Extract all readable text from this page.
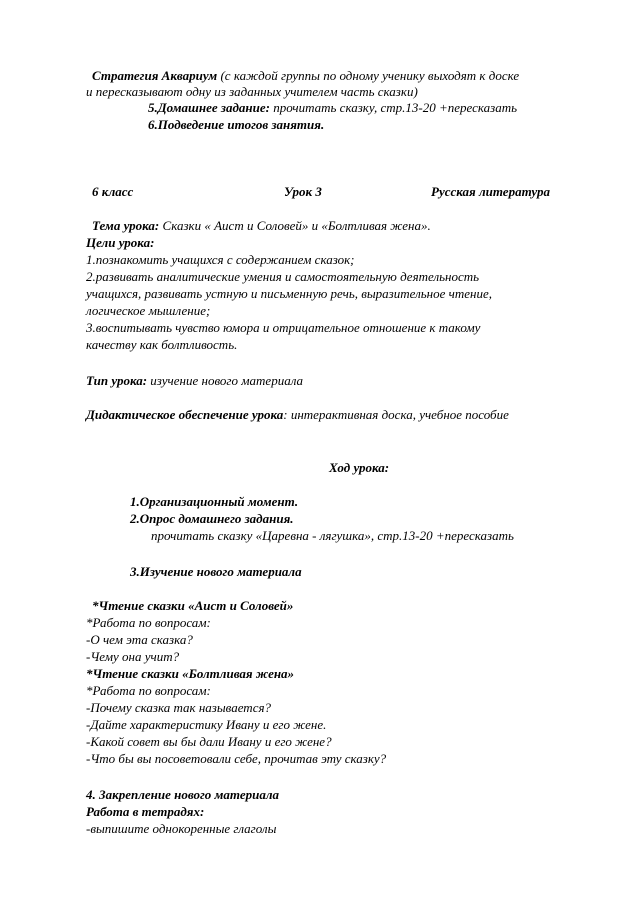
Стратегия Аквариум (с каждой группы по одному ученику выходят к доске
и пересказывают одну из заданных учителем часть сказки)
5.Домашнее задание: прочитать сказку, стр.13-20 +пересказать
6.Подведение итогов занятия.
6 класс	Урок 3	Русская литература
Тема урока: Сказки « Аист и Соловей» и «Болтливая жена».
Цели урока:
1.познакомить учащихся с содержанием сказок;
2.развивать аналитические умения и самостоятельную деятельность
учащихся, развивать устную и письменную речь, выразительное чтение,
логическое мышление;
3.воспитывать чувство юмора и отрицательное отношение к такому
качеству как болтливость.
Тип урока: изучение нового материала
Дидактическое обеспечение урока: интерактивная доска, учебное пособие
Ход урока:
1.Организационный момент.
2.Опрос домашнего задания.
прочитать сказку «Царевна - лягушка», стр.13-20 +пересказать
3.Изучение нового материала
*Чтение сказки «Аист и Соловей»
*Работа по вопросам:
-О чем эта сказка?
-Чему она учит?
*Чтение сказки «Болтливая жена»
*Работа по вопросам:
-Почему сказка так называется?
-Дайте характеристику Ивану и его жене.
-Какой совет вы бы дали Ивану и его жене?
-Что бы вы посоветовали себе, прочитав эту сказку?
4. Закрепление нового материала
Работа в тетрадях:
-выпишите однокоренные глаголы
